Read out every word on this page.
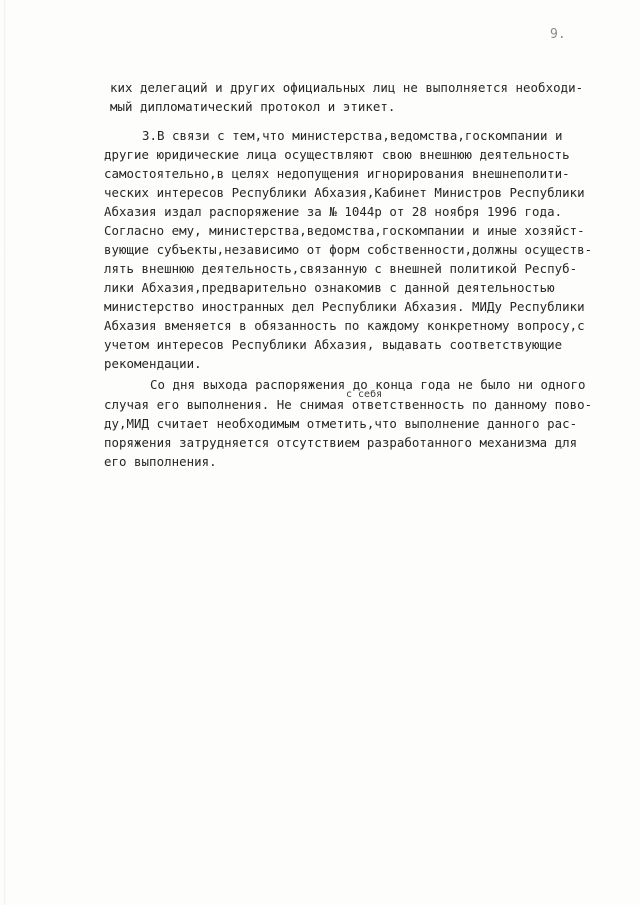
9.
ких делегаций и других официальных лиц не выполняется необходи-
мый дипломатический протокол и этикет.
3.В связи с тем,что министерства,ведомства,госкомпании и
другие юридические лица осуществляют свою внешнюю деятельность
самостоятельно,в целях недопущения игнорирования внешнеполити-
ческих интересов Республики Абхазия,Кабинет Министров Республики
Абхазия издал распоряжение за № 1044р от 28 ноября 1996 года.
Согласно ему, министерства,ведомства,госкомпании и иные хозяйст-
вующие субъекты,независимо от форм собственности,должны осуществ-
лять внешнюю деятельность,связанную с внешней политикой Респуб-
лики Абхазия,предварительно ознакомив с данной деятельностью
министерство иностранных дел Республики Абхазия. МИДу Республики
Абхазия вменяется в обязанность по каждому конкретному вопросу,с
учетом интересов Республики Абхазия, выдавать соответствующие
рекомендации.
Со дня выхода распоряжения до конца года не было ни одного
с себя
случая его выполнения. Не снимая ответственность по данному пово-
ду,МИД считает необходимым отметить,что выполнение данного рас-
поряжения затрудняется отсутствием разработанного механизма для
его выполнения.
